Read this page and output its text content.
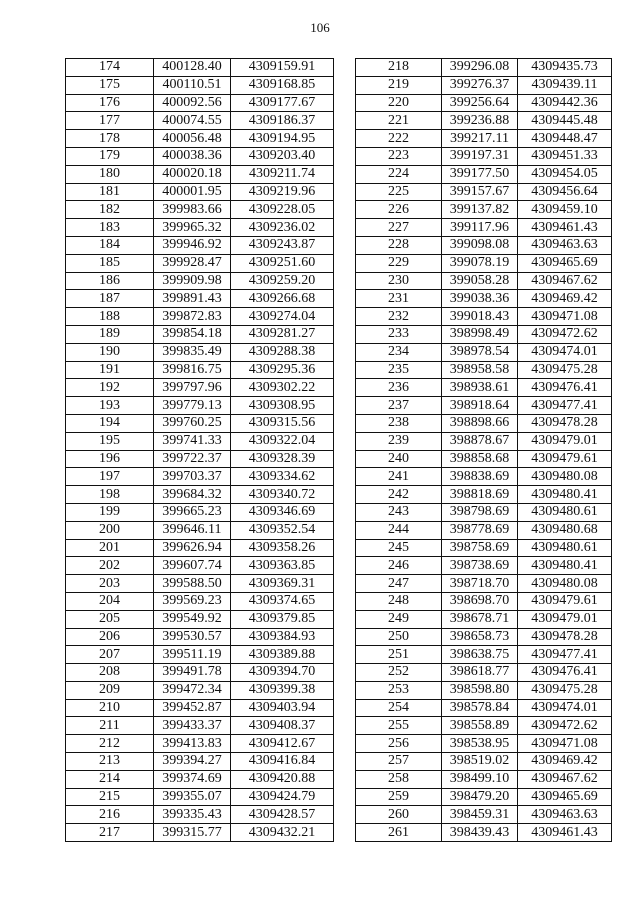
106
174	400128.40	4309159.91
175	400110.51	4309168.85
176	400092.56	4309177.67
177	400074.55	4309186.37
178	400056.48	4309194.95
179	400038.36	4309203.40
180	400020.18	4309211.74
181	400001.95	4309219.96
182	399983.66	4309228.05
183	399965.32	4309236.02
184	399946.92	4309243.87
185	399928.47	4309251.60
186	399909.98	4309259.20
187	399891.43	4309266.68
188	399872.83	4309274.04
189	399854.18	4309281.27
190	399835.49	4309288.38
191	399816.75	4309295.36
192	399797.96	4309302.22
193	399779.13	4309308.95
194	399760.25	4309315.56
195	399741.33	4309322.04
196	399722.37	4309328.39
197	399703.37	4309334.62
198	399684.32	4309340.72
199	399665.23	4309346.69
200	399646.11	4309352.54
201	399626.94	4309358.26
202	399607.74	4309363.85
203	399588.50	4309369.31
204	399569.23	4309374.65
205	399549.92	4309379.85
206	399530.57	4309384.93
207	399511.19	4309389.88
208	399491.78	4309394.70
209	399472.34	4309399.38
210	399452.87	4309403.94
211	399433.37	4309408.37
212	399413.83	4309412.67
213	399394.27	4309416.84
214	399374.69	4309420.88
215	399355.07	4309424.79
216	399335.43	4309428.57
217	399315.77	4309432.21
218	399296.08	4309435.73
219	399276.37	4309439.11
220	399256.64	4309442.36
221	399236.88	4309445.48
222	399217.11	4309448.47
223	399197.31	4309451.33
224	399177.50	4309454.05
225	399157.67	4309456.64
226	399137.82	4309459.10
227	399117.96	4309461.43
228	399098.08	4309463.63
229	399078.19	4309465.69
230	399058.28	4309467.62
231	399038.36	4309469.42
232	399018.43	4309471.08
233	398998.49	4309472.62
234	398978.54	4309474.01
235	398958.58	4309475.28
236	398938.61	4309476.41
237	398918.64	4309477.41
238	398898.66	4309478.28
239	398878.67	4309479.01
240	398858.68	4309479.61
241	398838.69	4309480.08
242	398818.69	4309480.41
243	398798.69	4309480.61
244	398778.69	4309480.68
245	398758.69	4309480.61
246	398738.69	4309480.41
247	398718.70	4309480.08
248	398698.70	4309479.61
249	398678.71	4309479.01
250	398658.73	4309478.28
251	398638.75	4309477.41
252	398618.77	4309476.41
253	398598.80	4309475.28
254	398578.84	4309474.01
255	398558.89	4309472.62
256	398538.95	4309471.08
257	398519.02	4309469.42
258	398499.10	4309467.62
259	398479.20	4309465.69
260	398459.31	4309463.63
261	398439.43	4309461.43
